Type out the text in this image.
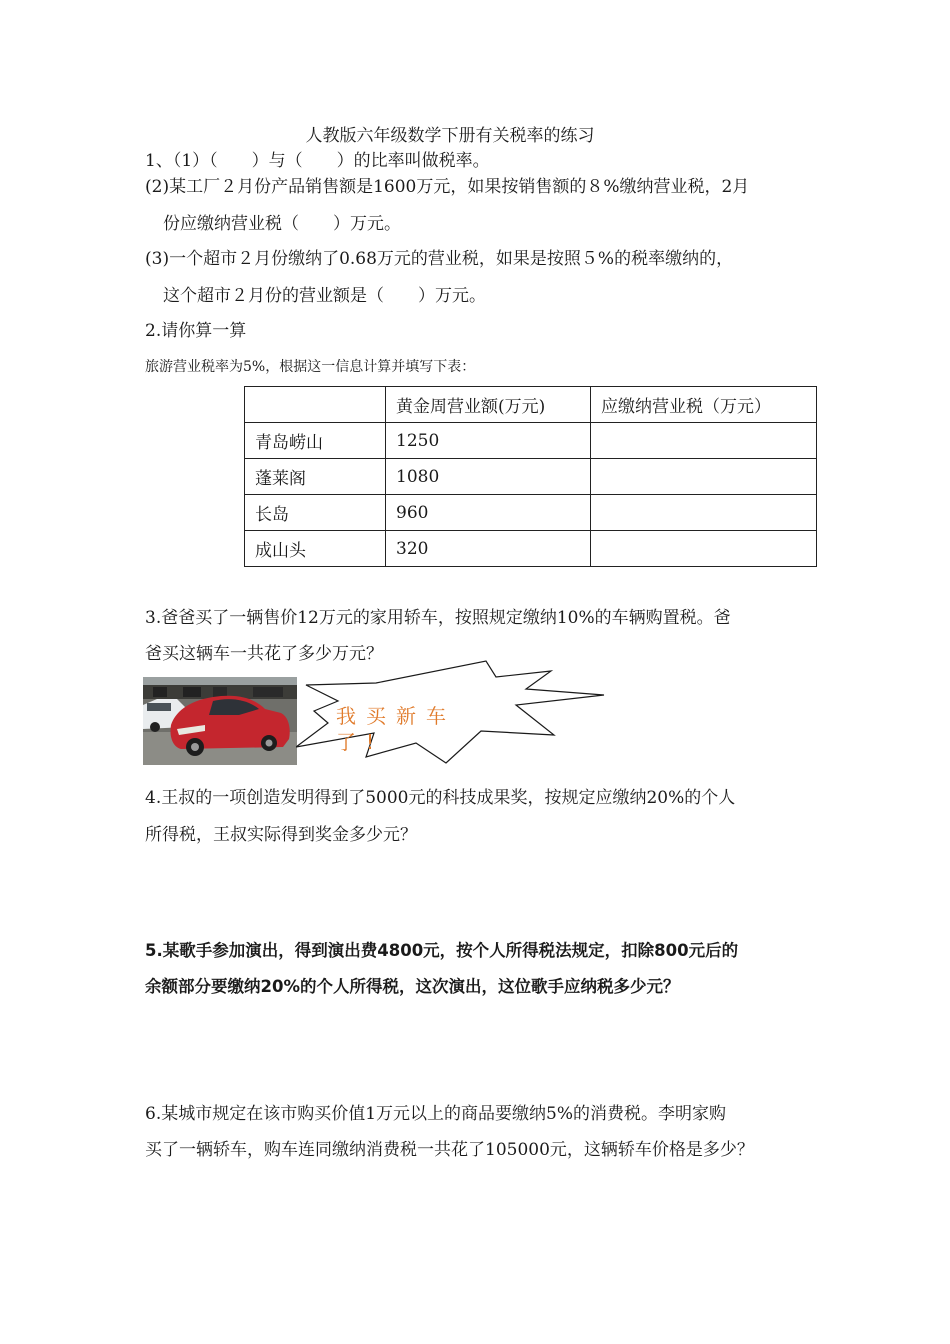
人教版六年级数学下册有关税率的练习
1、（1）（　　）与（　　）的比率叫做税率。
(2)某工厂２月份产品销售额是1600万元，如果按销售额的８%缴纳营业税，2月
份应缴纳营业税（　　）万元。
(3)一个超市２月份缴纳了0.68万元的营业税，如果是按照５%的税率缴纳的，
这个超市２月份的营业额是（　　）万元。
2.请你算一算
旅游营业税率为5%，根据这一信息计算并填写下表：
	黄金周营业额(万元)	应缴纳营业税（万元）
青岛崂山	1250	
蓬莱阁	1080	
长岛	960	
成山头	320	
3.爸爸买了一辆售价12万元的家用轿车，按照规定缴纳10%的车辆购置税。爸
爸买这辆车一共花了多少万元？
我买新车
了!
4.王叔的一项创造发明得到了5000元的科技成果奖，按规定应缴纳20%的个人
所得税，王叔实际得到奖金多少元？
5.某歌手参加演出，得到演出费4800元，按个人所得税法规定，扣除800元后的
余额部分要缴纳20%的个人所得税，这次演出，这位歌手应纳税多少元？
6.某城市规定在该市购买价值1万元以上的商品要缴纳5%的消费税。李明家购
买了一辆轿车，购车连同缴纳消费税一共花了105000元，这辆轿车价格是多少？
